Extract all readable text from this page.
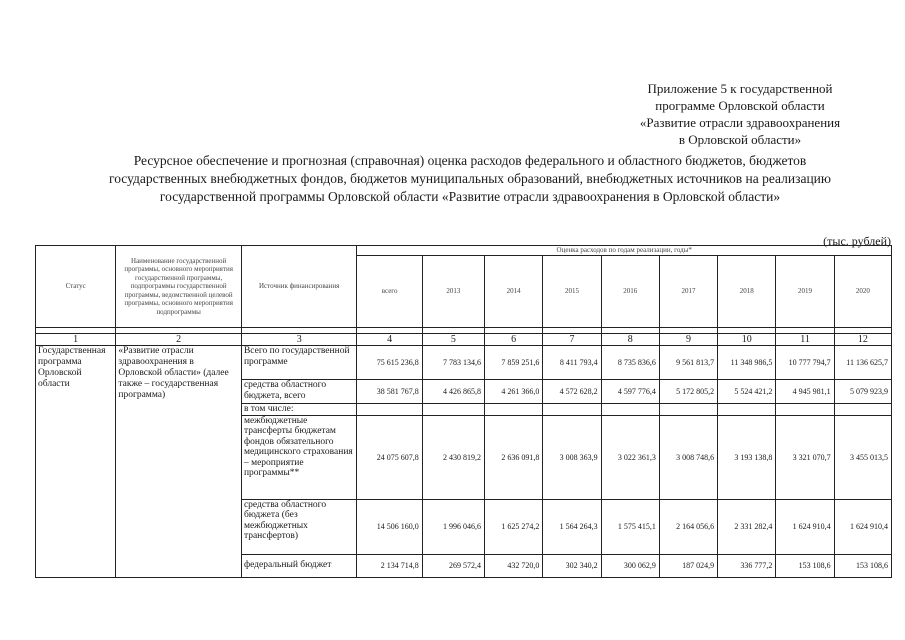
Приложение 5 к государственной
программе Орловской области
«Развитие отрасли здравоохранения
в Орловской области»
Ресурсное обеспечение и прогнозная (справочная) оценка расходов федерального и областного бюджетов, бюджетов
государственных внебюджетных фондов, бюджетов муниципальных образований, внебюджетных источников на реализацию
государственной программы Орловской области «Развитие отрасли здравоохранения в Орловской области»
(тыс. рублей)
Статус	Наименование государственной программы, основного мероприятия государственной программы, подпрограммы государственной программы, ведомственной целевой программы, основного мероприятия подпрограммы	Источник финансирования	Оценка расходов по годам реализации, годы*								
			всего	2013	2014	2015	2016	2017	2018	2019	2020

1	2	3	4	5	6	7	8	9	10	11	12
Государственная программа Орловской области	«Развитие отрасли здравоохранения в Орловской области» (далее также – государственная программа)	Всего по государственной программе	75 615 236,8	7 783 134,6	7 859 251,6	8 411 793,4	8 735 836,6	9 561 813,7	11 348 986,5	10 777 794,7	11 136 625,7
		средства областного бюджета, всего	38 581 767,8	4 426 865,8	4 261 366,0	4 572 628,2	4 597 776,4	5 172 805,2	5 524 421,2	4 945 981,1	5 079 923,9
		в том числе:									
		межбюджетные трансферты бюджетам фондов обязательного медицинского страхования – мероприятие программы**	24 075 607,8	2 430 819,2	2 636 091,8	3 008 363,9	3 022 361,3	3 008 748,6	3 193 138,8	3 321 070,7	3 455 013,5
		средства областного бюджета (без межбюджетных трансфертов)	14 506 160,0	1 996 046,6	1 625 274,2	1 564 264,3	1 575 415,1	2 164 056,6	2 331 282,4	1 624 910,4	1 624 910,4
		федеральный бюджет	2 134 714,8	269 572,4	432 720,0	302 340,2	300 062,9	187 024,9	336 777,2	153 108,6	153 108,6
